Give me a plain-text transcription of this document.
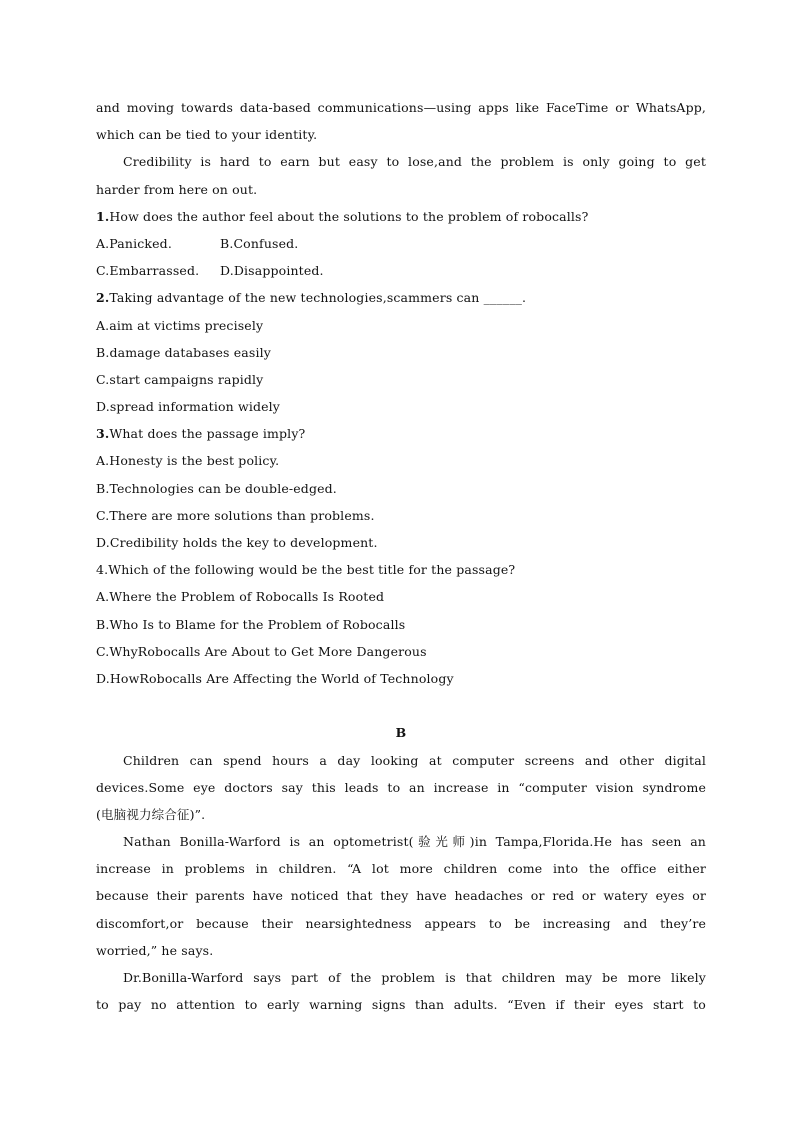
and moving towards data-based communications—using apps like FaceTime or WhatsApp,
which can be tied to your identity.
Credibility is hard to earn but easy to lose,and the problem is only going to get
harder from here on out.
1.How does the author feel about the solutions to the problem of robocalls?
A.Panicked.	B.Confused.
C.Embarrassed. D.Disappointed.
2.Taking advantage of the new technologies,scammers can ______.
A.aim at victims precisely
B.damage databases easily
C.start campaigns rapidly
D.spread information widely
3.What does the passage imply?
A.Honesty is the best policy.
B.Technologies can be double-edged.
C.There are more solutions than problems.
D.Credibility holds the key to development.
4.Which of the following would be the best title for the passage?
A.Where the Problem of Robocalls Is Rooted
B.Who Is to Blame for the Problem of Robocalls
C.WhyRobocalls Are About to Get More Dangerous
D.HowRobocalls Are Affecting the World of Technology
B
Children can spend hours a day looking at computer screens and other digital
devices.Some eye doctors say this leads to an increase in “computer vision syndrome
(电脑视力综合征)”.
Nathan Bonilla-Warford is an optometrist(验光师)in Tampa,Florida.He has seen an
increase in problems in children. “A lot more children come into the office either
because their parents have noticed that they have headaches or red or watery eyes or
discomfort,or because their nearsightedness appears to be increasing and they’re
worried,” he says.
Dr.Bonilla-Warford says part of the problem is that children may be more likely
to pay no attention to early warning signs than adults. “Even if their eyes start to
